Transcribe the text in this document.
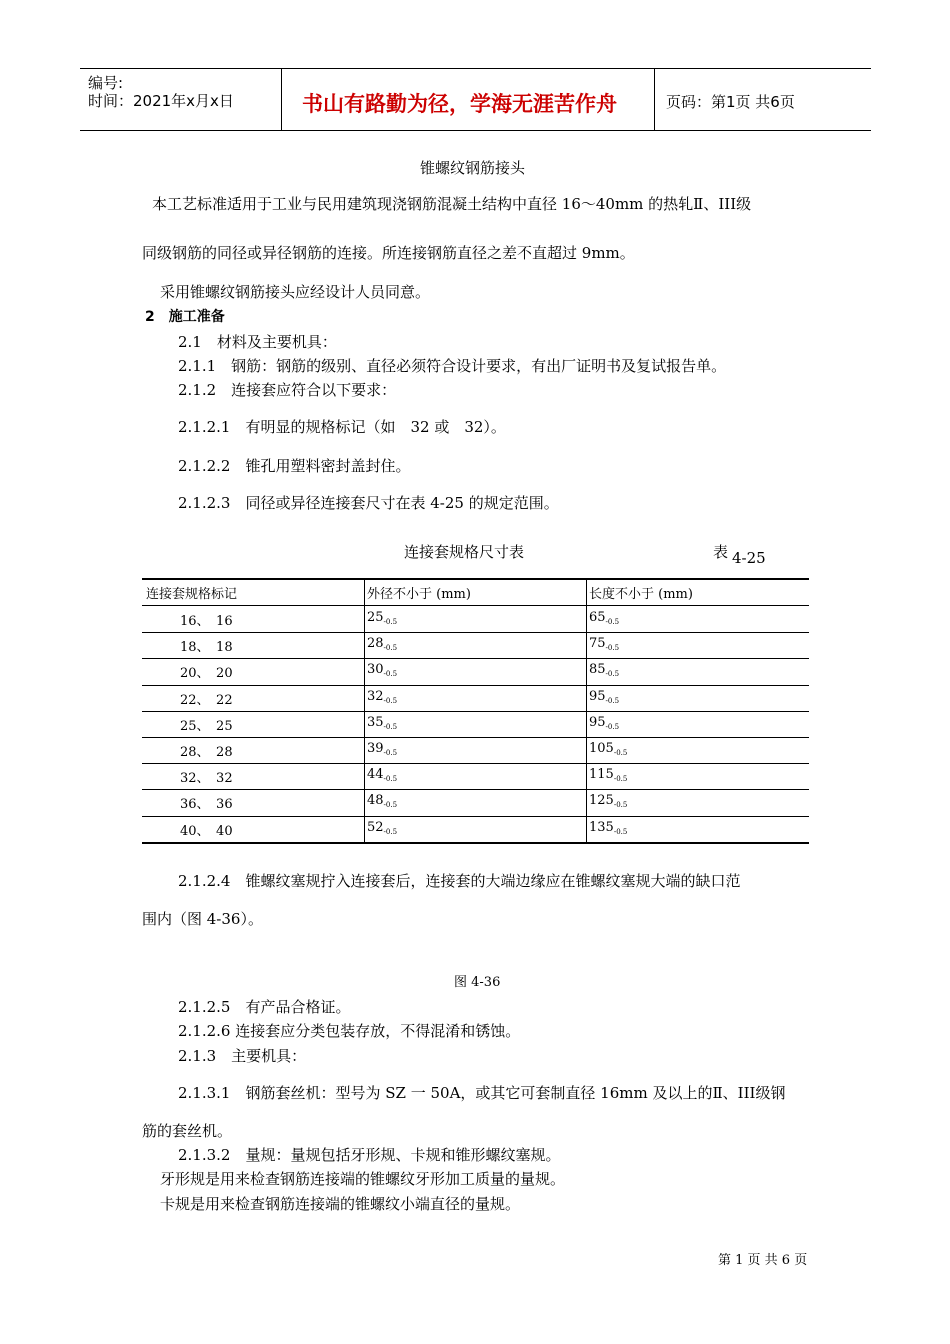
编号:
时间：2021年x月x日	书山有路勤为径，学海无涯苦作舟	页码：第1页 共6页
锥螺纹钢筋接头
本工艺标准适用于工业与民用建筑现浇钢筋混凝土结构中直径 16～40mm 的热轧Ⅱ、III级
同级钢筋的同径或异径钢筋的连接。所连接钢筋直径之差不直超过 9mm。
采用锥螺纹钢筋接头应经设计人员同意。
2　施工准备
2.1　材料及主要机具：
2.1.1　钢筋：钢筋的级别、直径必须符合设计要求，有出厂证明书及复试报告单。
2.1.2　连接套应符合以下要求：
2.1.2.1　有明显的规格标记（如　32 或　32）。
2.1.2.2　锥孔用塑料密封盖封住。
2.1.2.3　同径或异径连接套尺寸在表 4-25 的规定范围。
连接套规格尺寸表	表 4-25
连接套规格标记	外径不小于 (mm)	长度不小于 (mm)
16、　16	$25_{-0.5}$	$65_{-0.5}$
18、　18	$28_{-0.5}$	$75_{-0.5}$
20、　20	$30_{-0.5}$	$85_{-0.5}$
22、　22	$32_{-0.5}$	$95_{-0.5}$
25、　25	$35_{-0.5}$	$95_{-0.5}$
28、　28	$39_{-0.5}$	$105_{-0.5}$
32、　32	$44_{-0.5}$	$115_{-0.5}$
36、　36	$48_{-0.5}$	$125_{-0.5}$
40、　40	$52_{-0.5}$	$135_{-0.5}$
2.1.2.4　锥螺纹塞规拧入连接套后，连接套的大端边缘应在锥螺纹塞规大端的缺口范
围内（图 4-36）。
图 4-36
2.1.2.5　有产品合格证。
2.1.2.6 连接套应分类包装存放，不得混淆和锈蚀。
2.1.3　主要机具：
2.1.3.1　钢筋套丝机：型号为 SZ 一 50A，或其它可套制直径 16mm 及以上的Ⅱ、III级钢
筋的套丝机。
2.1.3.2　量规：量规包括牙形规、卡规和锥形螺纹塞规。
牙形规是用来检查钢筋连接端的锥螺纹牙形加工质量的量规。
卡规是用来检查钢筋连接端的锥螺纹小端直径的量规。
第 1 页 共 6 页
